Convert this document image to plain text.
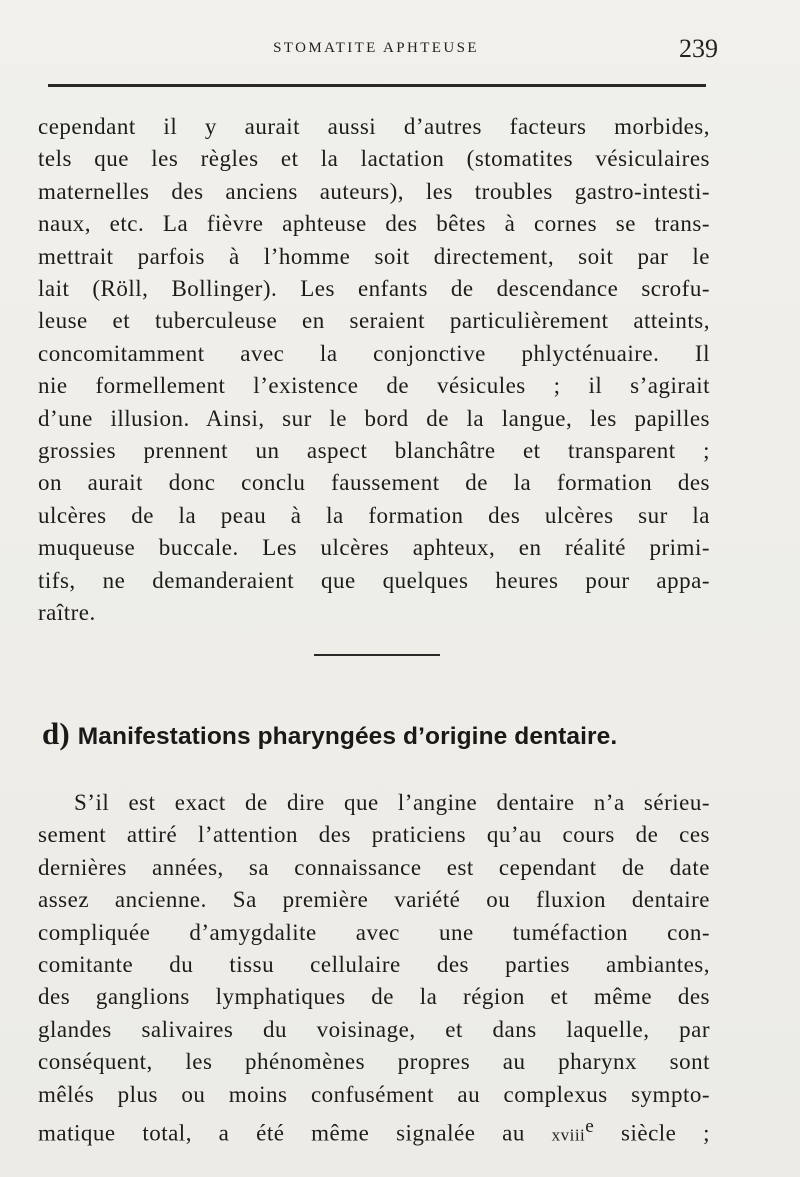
STOMATITE APHTEUSE	239
cependant il y aurait aussi d’autres facteurs morbides,
tels que les règles et la lactation (stomatites vésiculaires
maternelles des anciens auteurs), les troubles gastro-intesti-
naux, etc. La fièvre aphteuse des bêtes à cornes se trans-
mettrait parfois à l’homme soit directement, soit par le
lait (Röll, Bollinger). Les enfants de descendance scrofu-
leuse et tuberculeuse en seraient particulièrement atteints,
concomitamment avec la conjonctive phlycténuaire. Il
nie formellement l’existence de vésicules ; il s’agirait
d’une illusion. Ainsi, sur le bord de la langue, les papilles
grossies prennent un aspect blanchâtre et transparent ;
on aurait donc conclu faussement de la formation des
ulcères de la peau à la formation des ulcères sur la
muqueuse buccale. Les ulcères aphteux, en réalité primi-
tifs, ne demanderaient que quelques heures pour appa-
raître.
d) Manifestations pharyngées d’origine dentaire.
S’il est exact de dire que l’angine dentaire n’a sérieu-
sement attiré l’attention des praticiens qu’au cours de ces
dernières années, sa connaissance est cependant de date
assez ancienne. Sa première variété ou fluxion dentaire
compliquée d’amygdalite avec une tuméfaction con-
comitante du tissu cellulaire des parties ambiantes,
des ganglions lymphatiques de la région et même des
glandes salivaires du voisinage, et dans laquelle, par
conséquent, les phénomènes propres au pharynx sont
mêlés plus ou moins confusément au complexus sympto-
matique total, a été même signalée au xviii$^e$ siècle ;
